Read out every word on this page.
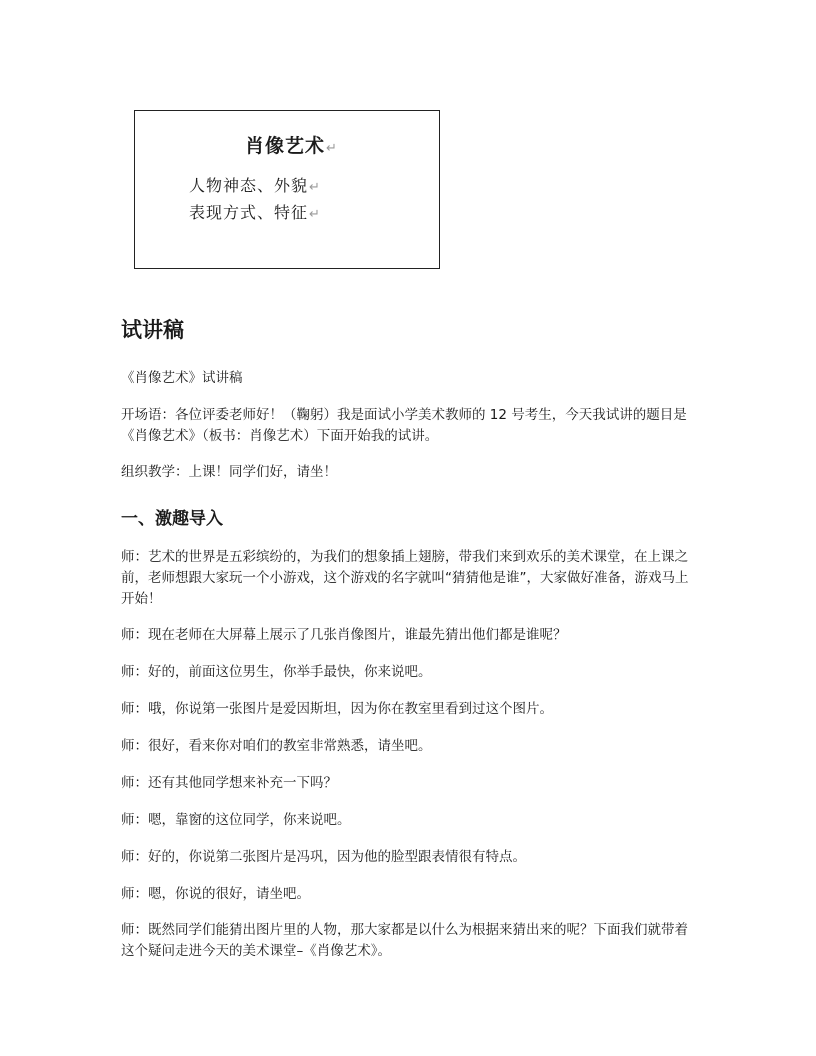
肖像艺术↵
人物神态、外貌↵
表现方式、特征↵
试讲稿

《肖像艺术》试讲稿

开场语：各位评委老师好！（鞠躬）我是面试小学美术教师的 12 号考生，今天我试讲的题目是《肖像艺术》（板书：肖像艺术）下面开始我的试讲。

组织教学：上课！同学们好，请坐！

一、激趣导入

师：艺术的世界是五彩缤纷的，为我们的想象插上翅膀，带我们来到欢乐的美术课堂，在上课之前，老师想跟大家玩一个小游戏，这个游戏的名字就叫“猜猜他是谁”，大家做好准备，游戏马上开始！

师：现在老师在大屏幕上展示了几张肖像图片，谁最先猜出他们都是谁呢？

师：好的，前面这位男生，你举手最快，你来说吧。

师：哦，你说第一张图片是爱因斯坦，因为你在教室里看到过这个图片。

师：很好，看来你对咱们的教室非常熟悉，请坐吧。

师：还有其他同学想来补充一下吗？

师：嗯，靠窗的这位同学，你来说吧。

师：好的，你说第二张图片是冯巩，因为他的脸型跟表情很有特点。

师：嗯，你说的很好，请坐吧。

师：既然同学们能猜出图片里的人物，那大家都是以什么为根据来猜出来的呢？下面我们就带着这个疑问走进今天的美术课堂–《肖像艺术》。
